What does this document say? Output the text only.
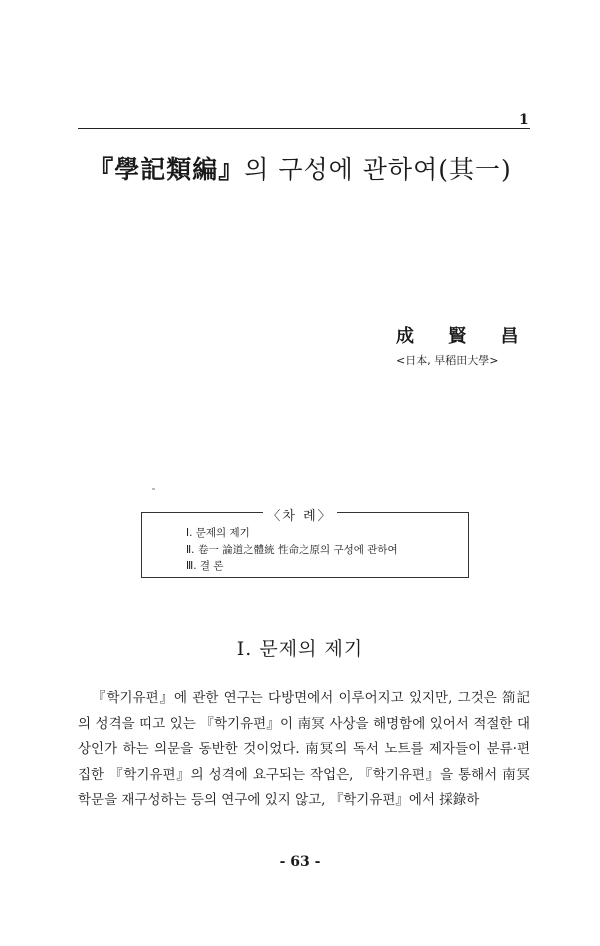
1
『學記類編』의 구성에 관하여(其一)
成 賢 昌
<日本, 早稻田大學>
〈차 례〉
Ⅰ. 문제의 제기
Ⅱ. 卷一 論道之體統 性命之原의 구성에 관하여
Ⅲ. 결 론
Ⅰ. 문제의 제기

『학기유편』에 관한 연구는 다방면에서 이루어지고 있지만, 그것은 箚記의 성격을 띠고 있는 『학기유편』이 南冥 사상을 해명함에 있어서 적절한 대상인가 하는 의문을 동반한 것이었다. 南冥의 독서 노트를 제자들이 분류·편집한 『학기유편』의 성격에 요구되는 작업은, 『학기유편』을 통해서 南冥 학문을 재구성하는 등의 연구에 있지 않고, 『학기유편』에서 採錄하

- 63 -
